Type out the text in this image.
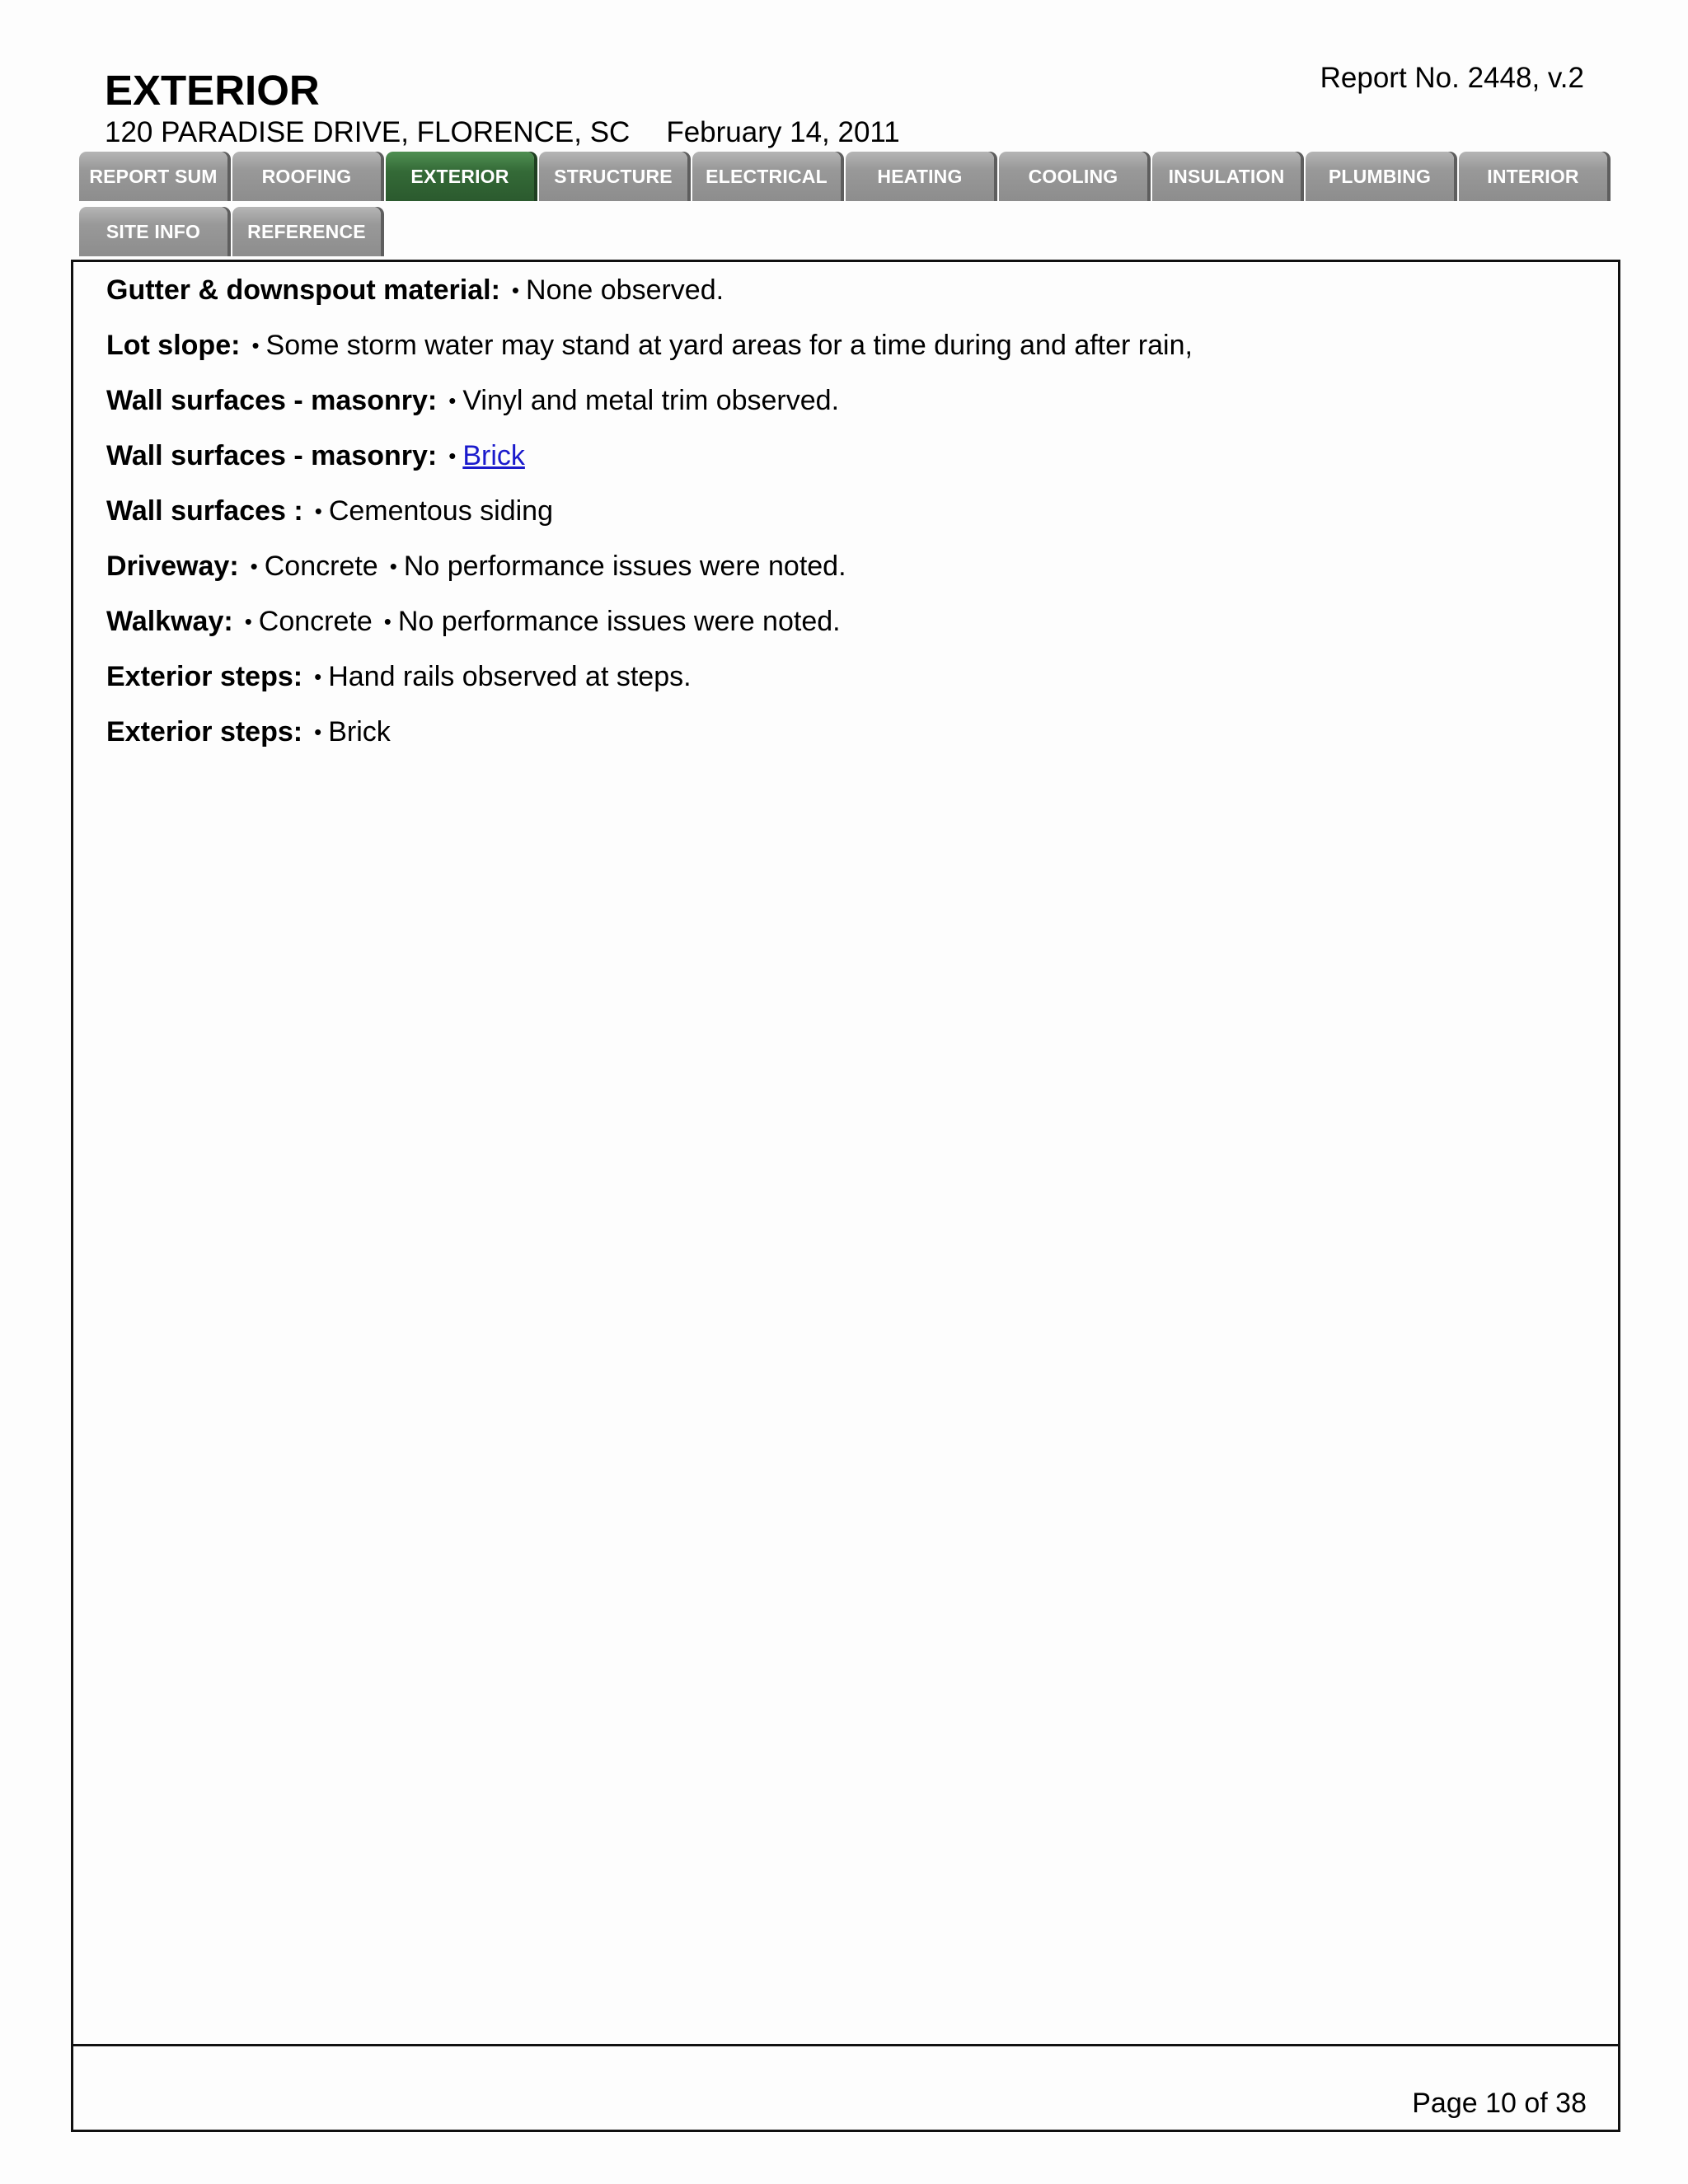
EXTERIOR
120 PARADISE DRIVE, FLORENCE, SC February 14, 2011
Report No. 2448, v.2
REPORT SUM	ROOFING	EXTERIOR	STRUCTURE	ELECTRICAL	HEATING	COOLING	INSULATION	PLUMBING	INTERIOR
SITE INFO	REFERENCE
Gutter & downspout material: • None observed.
Lot slope: • Some storm water may stand at yard areas for a time during and after rain,
Wall surfaces - masonry: • Vinyl and metal trim observed.
Wall surfaces - masonry: • Brick
Wall surfaces : • Cementous siding
Driveway: • Concrete • No performance issues were noted.
Walkway: • Concrete • No performance issues were noted.
Exterior steps: • Hand rails observed at steps.
Exterior steps: • Brick
Page 10 of 38
